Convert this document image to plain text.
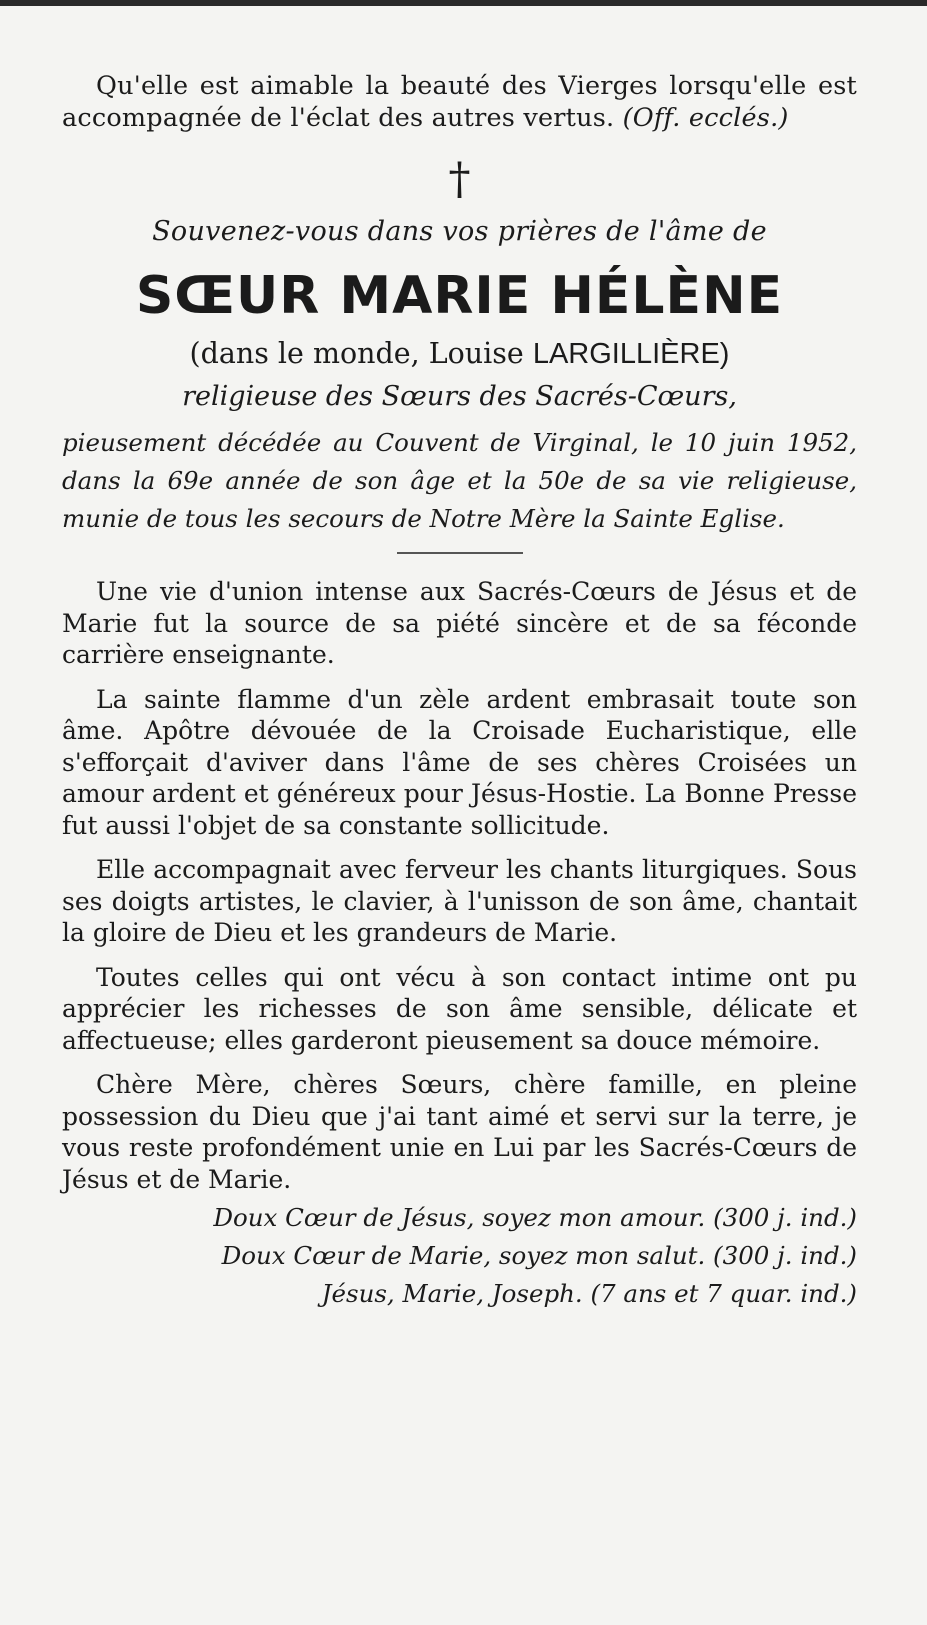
Qu'elle est aimable la beauté des Vierges lorsqu'elle est accompagnée de l'éclat des autres vertus. (Off. ecclés.)

†

Souvenez-vous dans vos prières de l'âme de

SŒUR MARIE HÉLÈNE

(dans le monde, Louise LARGILLIÈRE)

religieuse des Sœurs des Sacrés-Cœurs,

pieusement décédée au Couvent de Virginal, le 10 juin 1952, dans la 69e année de son âge et la 50e de sa vie religieuse, munie de tous les secours de Notre Mère la Sainte Eglise.

Une vie d'union intense aux Sacrés-Cœurs de Jésus et de Marie fut la source de sa piété sincère et de sa féconde carrière enseignante.

La sainte flamme d'un zèle ardent embrasait toute son âme. Apôtre dévouée de la Croisade Eucharistique, elle s'efforçait d'aviver dans l'âme de ses chères Croisées un amour ardent et généreux pour Jésus-Hostie. La Bonne Presse fut aussi l'objet de sa constante sollicitude.

Elle accompagnait avec ferveur les chants liturgiques. Sous ses doigts artistes, le clavier, à l'unisson de son âme, chantait la gloire de Dieu et les grandeurs de Marie.

Toutes celles qui ont vécu à son contact intime ont pu apprécier les richesses de son âme sensible, délicate et affectueuse; elles garderont pieusement sa douce mémoire.

Chère Mère, chères Sœurs, chère famille, en pleine possession du Dieu que j'ai tant aimé et servi sur la terre, je vous reste profondément unie en Lui par les Sacrés-Cœurs de Jésus et de Marie.

Doux Cœur de Jésus, soyez mon amour. (300 j. ind.)

Doux Cœur de Marie, soyez mon salut. (300 j. ind.)

Jésus, Marie, Joseph. (7 ans et 7 quar. ind.)
